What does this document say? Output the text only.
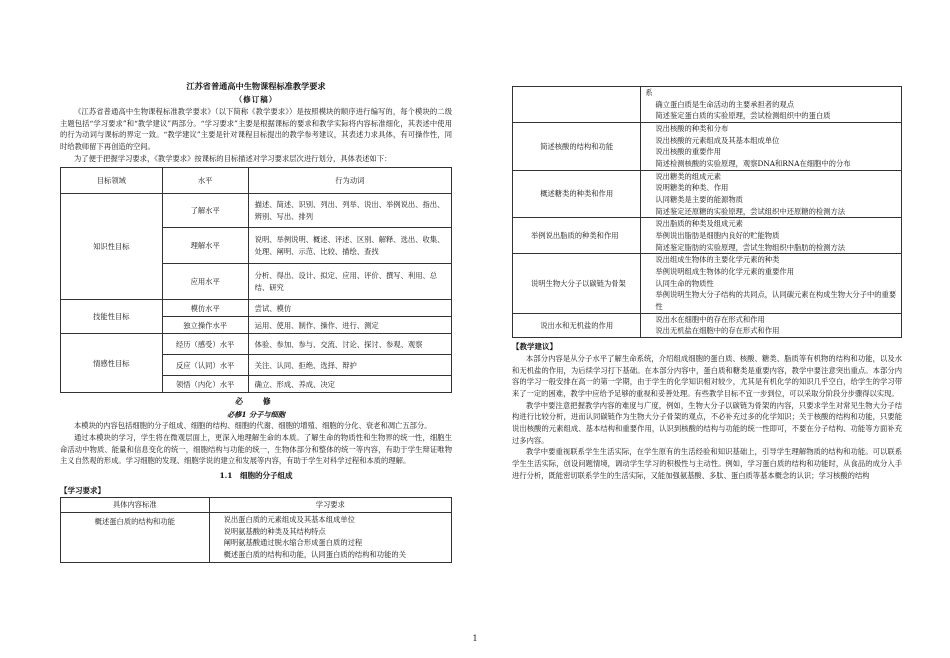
江苏省普通高中生物课程标准教学要求
（修订稿）

《江苏省普通高中生物课程标准教学要求》（以下简称《教学要求》）是按照模块的顺序进行编写的，每个模块的二级主题包括“学习要求”和“教学建议”两部分。“学习要求”主要是根据课标的要求和教学实际将内容标准细化，其表述中使用的行为动词与课标的界定一致。“教学建议”主要是针对课程目标提出的教学参考建议，其表述力求具体，有可操作性，同时给教师留下再创造的空间。

为了便于把握学习要求，《教学要求》按课标的目标描述对学习要求层次进行划分，具体表述如下：

目标领域	水平	行为动词
知识性目标	了解水平	描述、简述、识别、列出、列举、说出、举例说出、指出、辨别、写出、排列
	理解水平	说明、举例说明、概述、评述、区别、解释、选出、收集、处理、阐明、示范、比较、描绘、查找
	应用水平	分析、得出、设计、拟定、应用、评价、撰写、利用、总结、研究
技能性目标	模仿水平	尝试、模仿
	独立操作水平	运用、使用、制作、操作、进行、测定
情感性目标	经历（感受）水平	体验、参加、参与、交流、讨论、探讨、参观、观察
	反应（认同）水平	关注、认同、拒绝、选择、辩护
	领悟（内化）水平	确立、形成、养成、决定
必　修
必修1 分子与细胞

本模块的内容包括细胞的分子组成、细胞的结构、细胞的代谢、细胞的增殖、细胞的分化、衰老和凋亡五部分。

通过本模块的学习，学生将在微观层面上，更深入地理解生命的本质。了解生命的物质性和生物界的统一性，细胞生命活动中物质、能量和信息变化的统一，细胞结构与功能的统一，生物体部分和整体的统一等内容，有助于学生辩证唯物主义自然观的形成。学习细胞的发现、细胞学说的建立和发展等内容，有助于学生对科学过程和本质的理解。

1.1　细胞的分子组成
【学习要求】
具体内容标准	学习要求
概述蛋白质的结构和功能	说出蛋白质的元素组成及其基本组成单位
说明氨基酸的种类及其结构特点
阐明氨基酸通过脱水缩合形成蛋白质的过程
概述蛋白质的结构和功能，认同蛋白质的结构和功能的关

	系
确立蛋白质是生命活动的主要承担者的观点
简述鉴定蛋白质的实验原理，尝试检测组织中的蛋白质

简述核酸的结构和功能	说出核酸的种类和分布
说出核酸的元素组成及其基本组成单位
说出核酸的重要作用
简述检测核酸的实验原理，观察DNA和RNA在细胞中的分布

概述糖类的种类和作用	说出糖类的组成元素
说明糖类的种类、作用
认同糖类是主要的能源物质
简述鉴定还原糖的实验原理，尝试组织中还原糖的检测方法

举例说出脂质的种类和作用	说出脂质的种类及组成元素
举例说出脂肪是细胞内良好的贮能物质
简述鉴定脂肪的实验原理，尝试生物组织中脂肪的检测方法

说明生物大分子以碳链为骨架	说出组成生物体的主要化学元素的种类
举例说明组成生物体的化学元素的重要作用
认同生命的物质性
举例说明生物大分子结构的共同点，认同碳元素在构成生物大分子中的重要性

说出水和无机盐的作用	说出水在细胞中的存在形式和作用
说出无机盐在细胞中的存在形式和作用
【教学建议】

本部分内容是从分子水平了解生命系统，介绍组成细胞的蛋白质、核酸、糖类、脂质等有机物的结构和功能，以及水和无机盐的作用，为后续学习打下基础。在本部分内容中，蛋白质和糖类是重要内容，教学中要注意突出重点。本部分内容的学习一般安排在高一的第一学期，由于学生的化学知识相对较少，尤其是有机化学的知识几乎空白，给学生的学习带来了一定的困难，教学中应给予足够的重视和妥善处理。有些教学目标不宜一步到位，可以采取分阶段分步骤得以实现。

教学中要注意把握教学内容的难度与广度，例如，生物大分子以碳链为骨架的内容，只要求学生对常见生物大分子结构进行比较分析，进而认同碳链作为生物大分子骨架的观点，不必补充过多的化学知识；关于核酸的结构和功能，只要能说出核酸的元素组成、基本结构和重要作用，认识到核酸的结构与功能的统一性即可，不要在分子结构、功能等方面补充过多内容。

教学中要重视联系学生生活实际，在学生原有的生活经验和知识基础上，引导学生理解物质的结构和功能。可以联系学生生活实际，创设问题情境，调动学生学习的积极性与主动性。例如，学习蛋白质的结构和功能时，从食品的成分入手进行分析，既能密切联系学生的生活实际，又能加强氨基酸、多肽、蛋白质等基本概念的认识；学习核酸的结构

1
